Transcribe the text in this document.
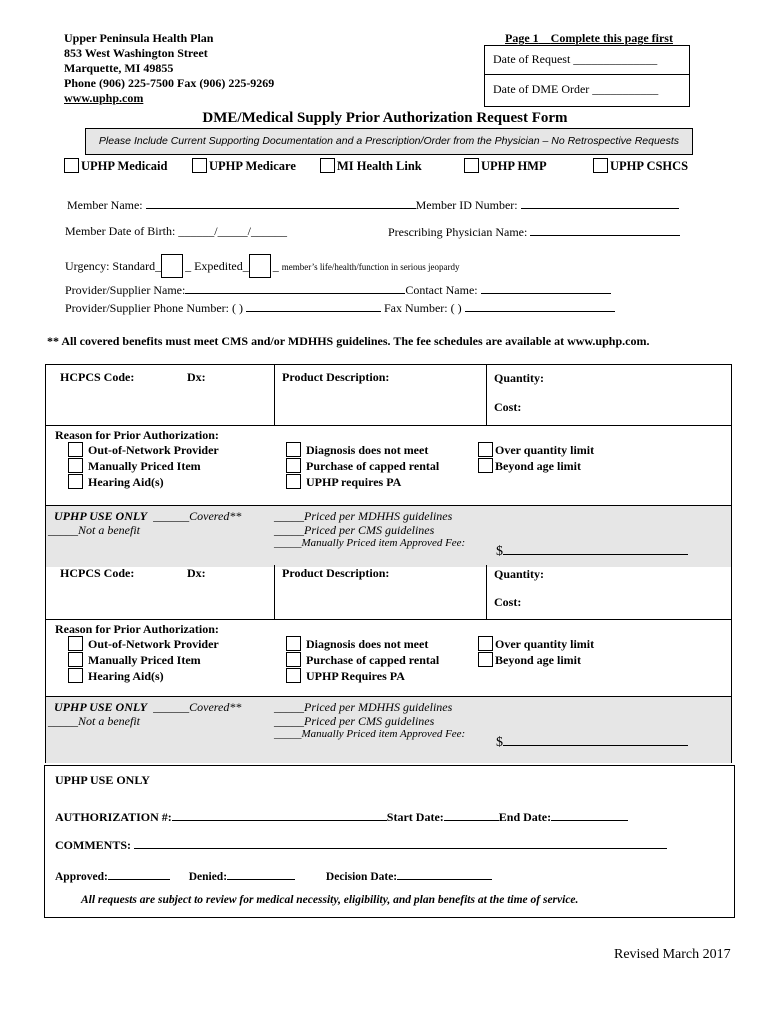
Upper Peninsula Health Plan
853 West Washington Street
Marquette, MI 49855
Phone (906) 225-7500 Fax (906) 225-9269
www.uphp.com
Page 1 Complete this page first
Date of Request ______________
Date of DME Order ___________
DME/Medical Supply Prior Authorization Request Form
Please Include Current Supporting Documentation and a Prescription/Order from the Physician – No Retrospective Requests
UPHP Medicaid	UPHP Medicare	MI Health Link	UPHP HMP	UPHP CSHCS
Member Name:	Member ID Number:
Member Date of Birth: ______/_____/______	Prescribing Physician Name:
Urgency: Standard_ _ Expedited_ _ member’s life/health/function in serious jeopardy
Provider/Supplier Name:	Contact Name:
Provider/Supplier Phone Number: ( )	Fax Number: ( )
** All covered benefits must meet CMS and/or MDHHS guidelines. The fee schedules are available at www.uphp.com.
HCPCS Code:	Dx:	Product Description:	Quantity:
Cost:
Reason for Prior Authorization:
Out-of-Network Provider
Manually Priced Item
Hearing Aid(s)
Diagnosis does not meet
Purchase of capped rental
UPHP requires PA
Over quantity limit
Beyond age limit
UPHP USE ONLY ______Covered**
_____Not a benefit
_____Priced per MDHHS guidelines
_____Priced per CMS guidelines
_____Manually Priced item Approved Fee:
$
HCPCS Code:	Dx:	Product Description:	Quantity:
Cost:
Reason for Prior Authorization:
Out-of-Network Provider
Manually Priced Item
Hearing Aid(s)
Diagnosis does not meet
Purchase of capped rental
UPHP Requires PA
Over quantity limit
Beyond age limit
UPHP USE ONLY ______Covered**
_____Not a benefit
_____Priced per MDHHS guidelines
_____Priced per CMS guidelines
_____Manually Priced item Approved Fee:
$
UPHP USE ONLY
AUTHORIZATION #:	Start Date:	End Date:
COMMENTS:
Approved:	Denied:	Decision Date:
All requests are subject to review for medical necessity, eligibility, and plan benefits at the time of service.
Revised March 2017
